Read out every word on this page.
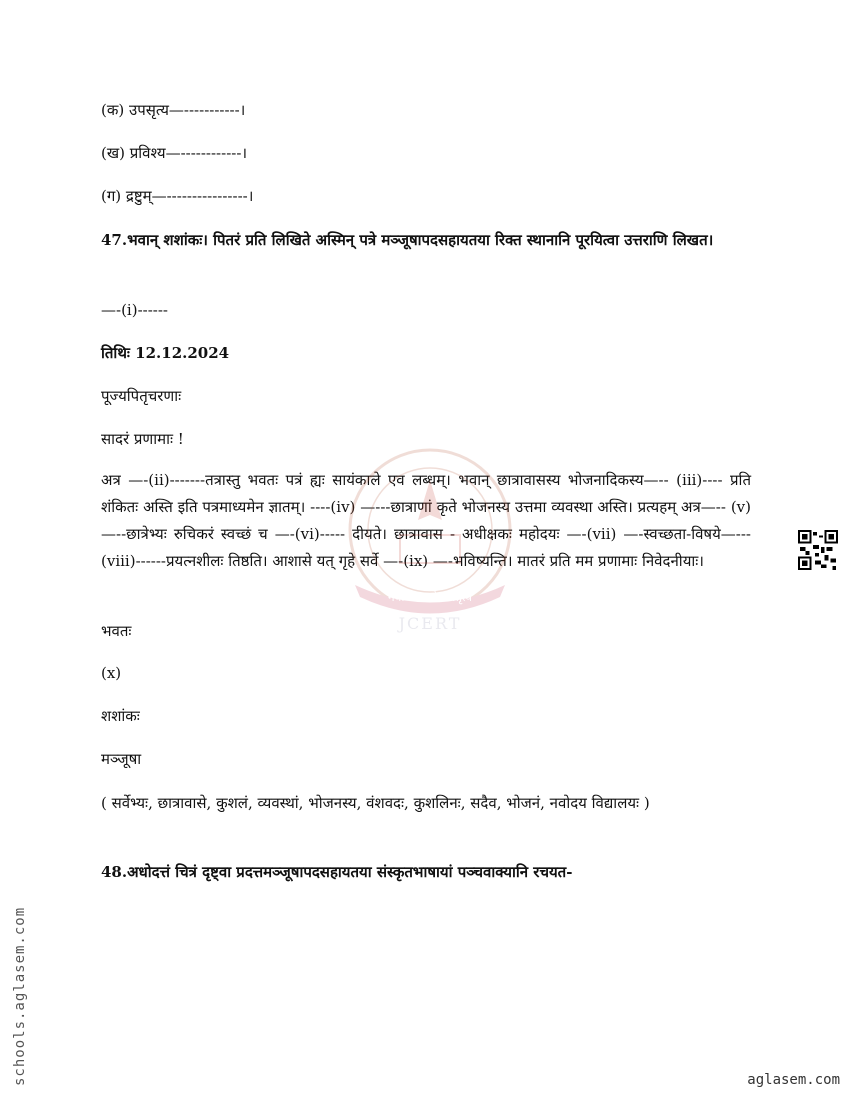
(क) उपसृत्य—-----------।
(ख) प्रविश्य—------------।
(ग) द्रष्टुम्—----------------।
47.भवान् शशांकः। पितरं प्रति लिखिते अस्मिन् पत्रे मञ्जूषापदसहायतया रिक्त स्थानानि पूरयित्वा उत्तराणि लिखत।
—-(i)------
तिथिः 12.12.2024
पूज्यपितृचरणाः
सादरं प्रणामाः !
अत्र —-(ii)-------तत्रास्तु भवतः पत्रं ह्यः सायंकाले एव लब्धम्। भवान् छात्रावासस्य भोजनादिकस्य—-- (iii)---- प्रति शंकितः अस्ति इति पत्रमाध्यमेन ज्ञातम्। ----(iv) —---छात्राणां कृते भोजनस्य उत्तमा व्यवस्था अस्ति। प्रत्यहम् अत्र—-- (v) —--छात्रेभ्यः रुचिकरं स्वच्छं च —-(vi)----- दीयते। छात्रावास - अधीक्षकः महोदयः —-(vii) —-स्वच्छता-विषये—--- (viii)------प्रयत्नशीलः तिष्ठति। आशासे यत् गृहे सर्वे —-(ix) —-भविष्यन्ति। मातरं प्रति मम प्रणामाः निवेदनीयाः।
भवतः
(x)
शशांकः
मञ्जूषा
( सर्वेभ्यः, छात्रावासे, कुशलं, व्यवस्थां, भोजनस्य, वंशवदः, कुशलिनः, सदैव, भोजनं, नवोदय विद्यालयः )
48.अधोदत्तं चित्रं दृष्ट्वा प्रदत्तमञ्जूषापदसहायतया संस्कृतभाषायां पञ्चवाक्यानि रचयत-
नवोन्मेष शोध नेतृत्व
JCERT
schools.aglasem.com	aglasem.com
